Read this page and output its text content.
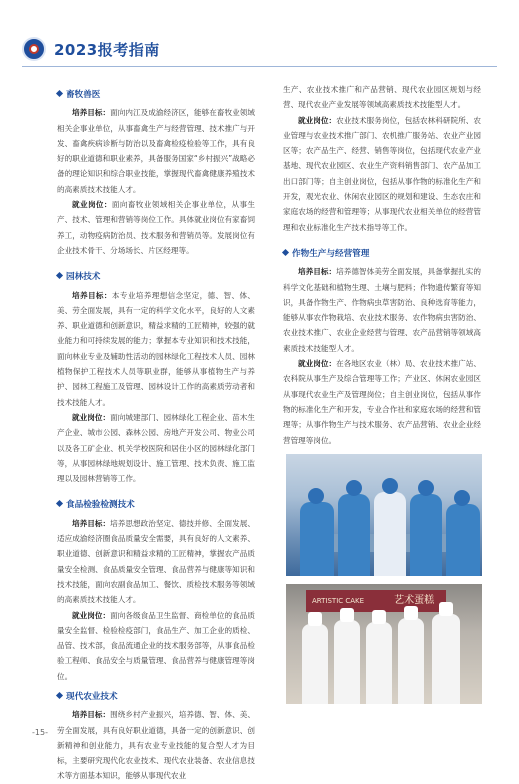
2023报考指南
畜牧兽医

培养目标：面向内江及成渝经济区，能够在畜牧业领域相关企事业单位，从事畜禽生产与经营管理、技术推广与开发、畜禽疾病诊断与防治以及畜禽检疫检验等工作，具有良好的职业道德和职业素养，具备服务国家“乡村振兴”战略必备的理论知识和综合职业技能，掌握现代畜禽健康养殖技术的高素质技术技能人才。

就业岗位：面向畜牧业领域相关企事业单位，从事生产、技术、管理和营销等岗位工作。具体就业岗位有家畜饲养工，动物疫病防治员、技术服务和营销员等。发展岗位有企业技术骨干、分场场长、片区经理等。

园林技术

培养目标：本专业培养理想信念坚定，德、智、体、美、劳全面发展，具有一定的科学文化水平，良好的人文素养、职业道德和创新意识，精益求精的工匠精神，较强的就业能力和可持续发展的能力；掌握本专业知识和技术技能，面向林业专业及辅助性活动的园林绿化工程技术人员、园林植物保护工程技术人员等职业群，能够从事植物生产与养护、园林工程施工及管理、园林设计工作的高素质劳动者和技术技能人才。

就业岗位：面向城建部门、园林绿化工程企业、苗木生产企业、城市公园、森林公园、房地产开发公司、物业公司以及各工矿企业、机关学校医院和居住小区的园林绿化部门等，从事园林绿地规划设计、施工管理、技术负责、施工监理以及园林营销等工作。

食品检验检测技术

培养目标：培养思想政治坚定、德技并修、全面发展、适应成渝经济圈食品质量安全需要，具有良好的人文素养、职业道德、创新意识和精益求精的工匠精神，掌握农产品质量安全检测、食品质量安全管理、食品营养与健康等知识和技术技能，面向农副食品加工、餐饮、质检技术服务等领域的高素质技术技能人才。

就业岗位：面向各级食品卫生监督、商检单位的食品质量安全监督、检验检疫部门，食品生产、加工企业的质检、品管、技术部，食品流通企业的技术服务部等，从事食品检验工程师、食品安全与质量管理、食品营养与健康管理等岗位。

现代农业技术

培养目标：围绕乡村产业振兴，培养德、智、体、美、劳全面发展，具有良好职业道德，具备一定的创新意识、创新精神和创业能力，具有农业专业技能的复合型人才为目标，主要研究现代化农业技术、现代农业装备、农业信息技术等方面基本知识，能够从事现代农业

生产、农业技术推广和产品营销、现代农业园区规划与经营、现代农业产业发展等领域高素质技术技能型人才。

就业岗位：农业技术服务岗位，包括农林科研院所、农业管理与农业技术推广部门、农机推广服务站、农业产业园区等；农产品生产、经营、销售等岗位，包括现代农业产业基地、现代农业园区、农业生产资料销售部门、农产品加工出口部门等；自主创业岗位，包括从事作物的标准化生产和开发，观光农业、休闲农业园区的规划和建设、生态农庄和家庭农场的经营和管理等；从事现代农业相关单位的经营管理和农业标准化生产技术指导等工作。

作物生产与经营管理

培养目标：培养德智体美劳全面发展，具备掌握扎实的科学文化基础和植物生理、土壤与肥料；作物遗传繁育等知识，具备作物生产、作物病虫草害防治、良种选育等能力，能够从事农作物栽培、农业技术服务、农作物病虫害防治、农业技术推广、农业企业经营与管理、农产品营销等领域高素质技术技能型人才。

就业岗位：在各地区农业（林）局、农业技术推广站、农科院从事生产及综合管理等工作；产业区、休闲农业园区从事现代农业生产及管理岗位；自主创业岗位，包括从事作物的标准化生产和开发，专业合作社和家庭农场的经营和管理等；从事作物生产与技术服务、农产品营销、农业企业经营管理等岗位。

ARTISTIC CAKE	艺术蛋糕
-15-
